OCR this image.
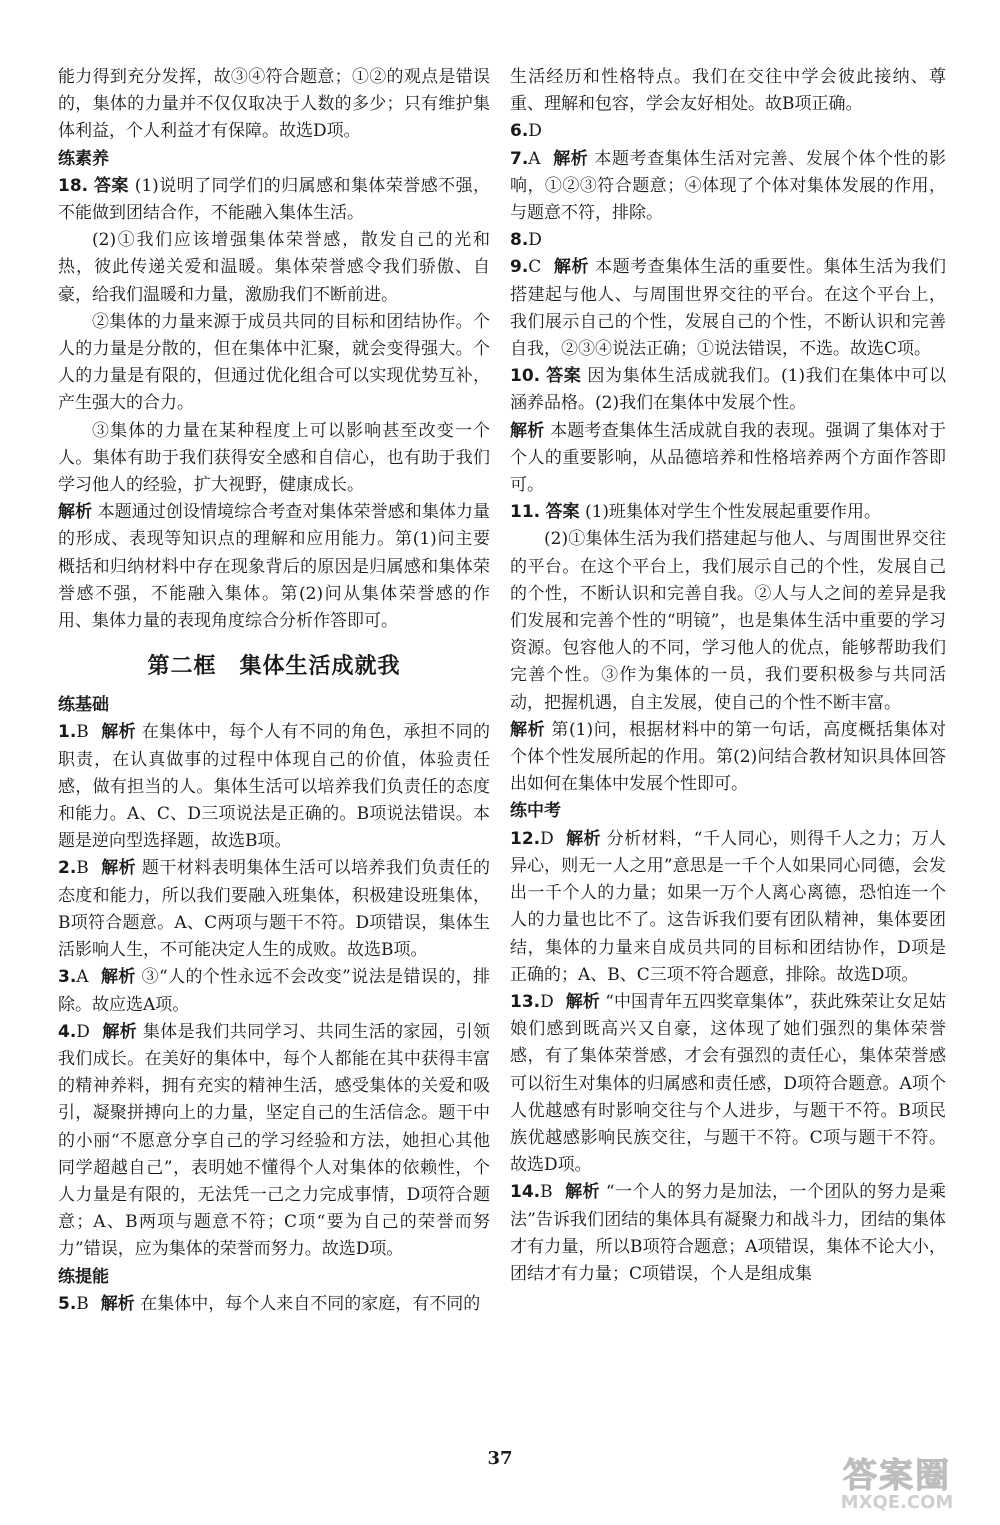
能力得到充分发挥，故③④符合题意；①②的观点是错误的，集体的力量并不仅仅取决于人数的多少；只有维护集体利益，个人利益才有保障。故选D项。

练素养

18. 答案 (1)说明了同学们的归属感和集体荣誉感不强，不能做到团结合作，不能融入集体生活。

(2)①我们应该增强集体荣誉感，散发自己的光和热，彼此传递关爱和温暖。集体荣誉感令我们骄傲、自豪，给我们温暖和力量，激励我们不断前进。

②集体的力量来源于成员共同的目标和团结协作。个人的力量是分散的，但在集体中汇聚，就会变得强大。个人的力量是有限的，但通过优化组合可以实现优势互补，产生强大的合力。

③集体的力量在某种程度上可以影响甚至改变一个人。集体有助于我们获得安全感和自信心，也有助于我们学习他人的经验，扩大视野，健康成长。

解析 本题通过创设情境综合考查对集体荣誉感和集体力量的形成、表现等知识点的理解和应用能力。第(1)问主要概括和归纳材料中存在现象背后的原因是归属感和集体荣誉感不强，不能融入集体。第(2)问从集体荣誉感的作用、集体力量的表现角度综合分析作答即可。

第二框　集体生活成就我

练基础

1.B 解析 在集体中，每个人有不同的角色，承担不同的职责，在认真做事的过程中体现自己的价值，体验责任感，做有担当的人。集体生活可以培养我们负责任的态度和能力。A、C、D三项说法是正确的。B项说法错误。本题是逆向型选择题，故选B项。

2.B 解析 题干材料表明集体生活可以培养我们负责任的态度和能力，所以我们要融入班集体，积极建设班集体，B项符合题意。A、C两项与题干不符。D项错误，集体生活影响人生，不可能决定人生的成败。故选B项。

3.A 解析 ③“人的个性永远不会改变”说法是错误的，排除。故应选A项。

4.D 解析 集体是我们共同学习、共同生活的家园，引领我们成长。在美好的集体中，每个人都能在其中获得丰富的精神养料，拥有充实的精神生活，感受集体的关爱和吸引，凝聚拼搏向上的力量，坚定自己的生活信念。题干中的小丽“不愿意分享自己的学习经验和方法，她担心其他同学超越自己”，表明她不懂得个人对集体的依赖性，个人力量是有限的，无法凭一己之力完成事情，D项符合题意；A、B两项与题意不符；C项“要为自己的荣誉而努力”错误，应为集体的荣誉而努力。故选D项。

练提能

5.B 解析 在集体中，每个人来自不同的家庭，有不同的

生活经历和性格特点。我们在交往中学会彼此接纳、尊重、理解和包容，学会友好相处。故B项正确。

6.D

7.A 解析 本题考查集体生活对完善、发展个体个性的影响，①②③符合题意；④体现了个体对集体发展的作用，与题意不符，排除。

8.D

9.C 解析 本题考查集体生活的重要性。集体生活为我们搭建起与他人、与周围世界交往的平台。在这个平台上，我们展示自己的个性，发展自己的个性，不断认识和完善自我，②③④说法正确；①说法错误，不选。故选C项。

10. 答案 因为集体生活成就我们。(1)我们在集体中可以涵养品格。(2)我们在集体中发展个性。

解析 本题考查集体生活成就自我的表现。强调了集体对于个人的重要影响，从品德培养和性格培养两个方面作答即可。

11. 答案 (1)班集体对学生个性发展起重要作用。

(2)①集体生活为我们搭建起与他人、与周围世界交往的平台。在这个平台上，我们展示自己的个性，发展自己的个性，不断认识和完善自我。②人与人之间的差异是我们发展和完善个性的“明镜”，也是集体生活中重要的学习资源。包容他人的不同，学习他人的优点，能够帮助我们完善个性。③作为集体的一员，我们要积极参与共同活动，把握机遇，自主发展，使自己的个性不断丰富。

解析 第(1)问，根据材料中的第一句话，高度概括集体对个体个性发展所起的作用。第(2)问结合教材知识具体回答出如何在集体中发展个性即可。

练中考

12.D 解析 分析材料，“千人同心，则得千人之力；万人异心，则无一人之用”意思是一千个人如果同心同德，会发出一千个人的力量；如果一万个人离心离德，恐怕连一个人的力量也比不了。这告诉我们要有团队精神，集体要团结，集体的力量来自成员共同的目标和团结协作，D项是正确的；A、B、C三项不符合题意，排除。故选D项。

13.D 解析 “中国青年五四奖章集体”，获此殊荣让女足姑娘们感到既高兴又自豪，这体现了她们强烈的集体荣誉感，有了集体荣誉感，才会有强烈的责任心，集体荣誉感可以衍生对集体的归属感和责任感，D项符合题意。A项个人优越感有时影响交往与个人进步，与题干不符。B项民族优越感影响民族交往，与题干不符。C项与题干不符。故选D项。

14.B 解析 “一个人的努力是加法，一个团队的努力是乘法”告诉我们团结的集体具有凝聚力和战斗力，团结的集体才有力量，所以B项符合题意；A项错误，集体不论大小，团结才有力量；C项错误，个人是组成集

37	答案圈
MXQE.COM
